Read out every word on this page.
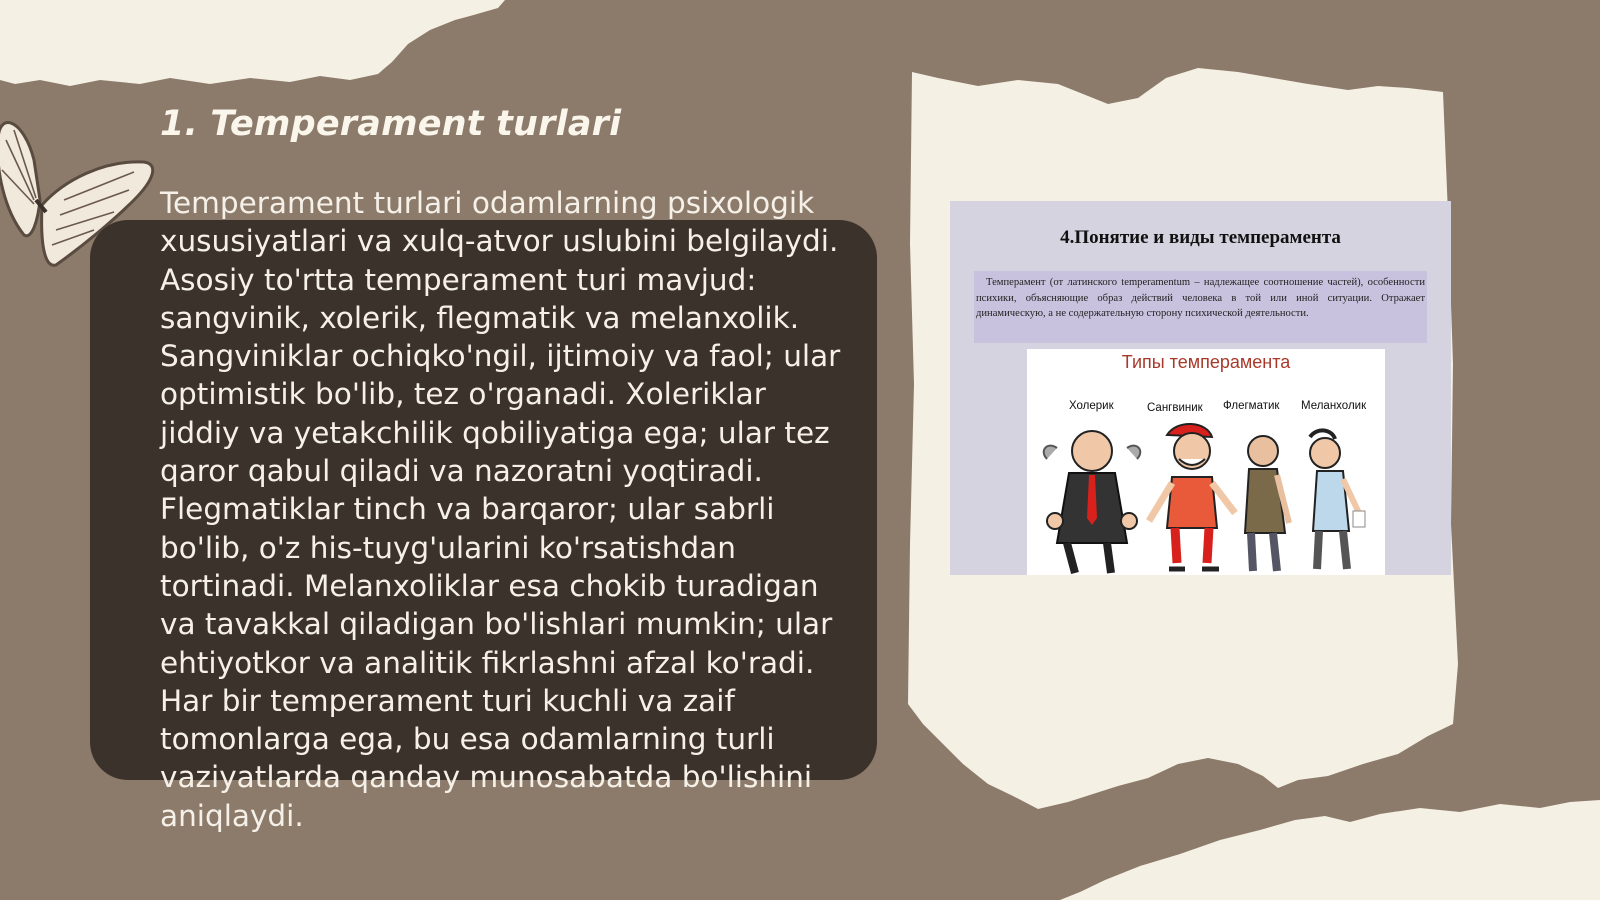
1. Temperament turlari

Temperament turlari odamlarning psixologik xususiyatlari va xulq-atvor uslubini belgilaydi. Asosiy to'rtta temperament turi mavjud: sangvinik, xolerik, flegmatik va melanxolik. Sangviniklar ochiqko'ngil, ijtimoiy va faol; ular optimistik bo'lib, tez o'rganadi. Xoleriklar jiddiy va yetakchilik qobiliyatiga ega; ular tez qaror qabul qiladi va nazoratni yoqtiradi. Flegmatiklar tinch va barqaror; ular sabrli bo'lib, o'z his-tuyg'ularini ko'rsatishdan tortinadi. Melanxoliklar esa chokib turadigan va tavakkal qiladigan bo'lishlari mumkin; ular ehtiyotkor va analitik fikrlashni afzal ko'radi. Har bir temperament turi kuchli va zaif tomonlarga ega, bu esa odamlarning turli vaziyatlarda qanday munosabatda bo'lishini aniqlaydi.

4.Понятие и виды темперамента
Темперамент (от латинского temperamentum – надлежащее соотношение частей), особенности психики, объясняющие образ действий человека в той или иной ситуации. Отражает динамическую, а не содержательную сторону психической деятельности.
Типы темперамента
Холерик	Сангвиник Флегматик Меланхолик
